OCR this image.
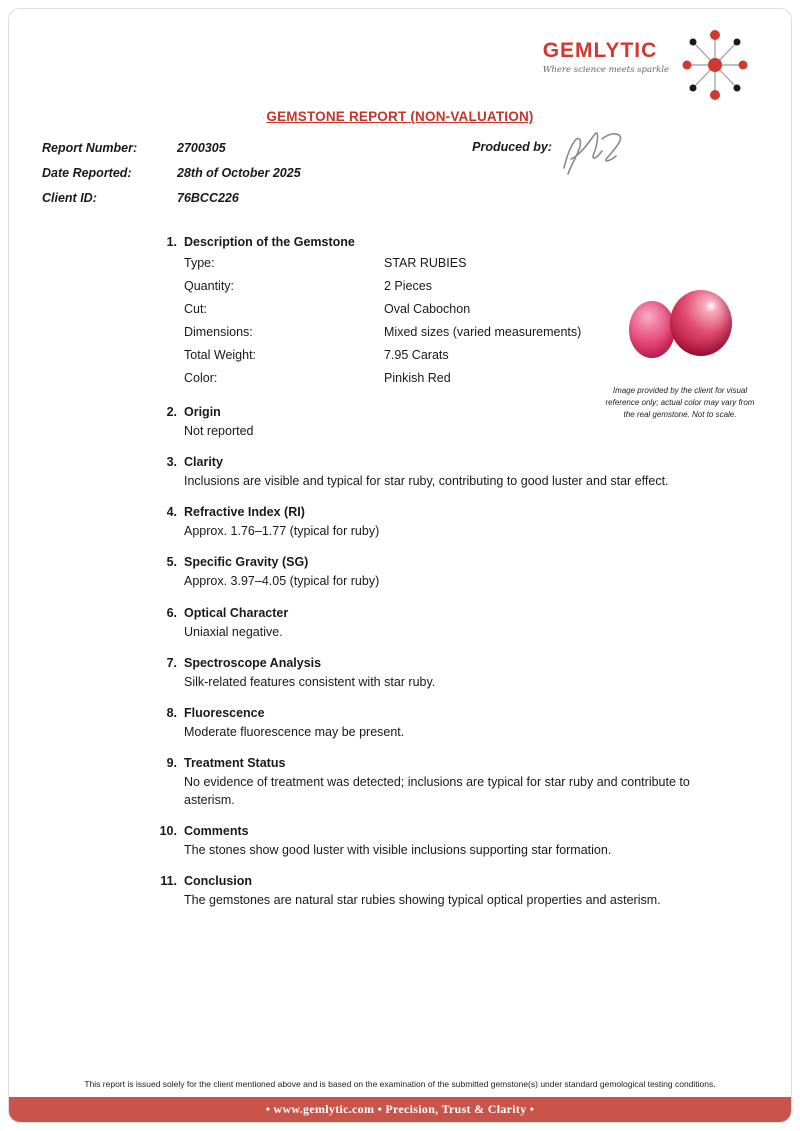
GEMLYTIC
Where science meets sparkle
GEMSTONE REPORT (NON-VALUATION)
Report Number:	2700305
Date Reported:	28th of October 2025
Client ID:	76BCC226
Produced by:
1. Description of the Gemstone
Type:	STAR RUBIES
Quantity:	2 Pieces
Cut:	Oval Cabochon
Dimensions:	Mixed sizes (varied measurements)
Total Weight:	7.95 Carats
Color:	Pinkish Red
2. Origin
Not reported
3. Clarity
Inclusions are visible and typical for star ruby, contributing to good luster and star effect.
4. Refractive Index (RI)
Approx. 1.76–1.77 (typical for ruby)
5. Specific Gravity (SG)
Approx. 3.97–4.05 (typical for ruby)
6. Optical Character
Uniaxial negative.
7. Spectroscope Analysis
Silk-related features consistent with star ruby.
8. Fluorescence
Moderate fluorescence may be present.
9. Treatment Status
No evidence of treatment was detected; inclusions are typical for star ruby and contribute to asterism.
10. Comments
The stones show good luster with visible inclusions supporting star formation.
11. Conclusion
The gemstones are natural star rubies showing typical optical properties and asterism.
Image provided by the client for visual reference only; actual color may vary from the real gemstone. Not to scale.
This report is issued solely for the client mentioned above and is based on the examination of the submitted gemstone(s) under standard gemological testing conditions.
• www.gemlytic.com • Precision, Trust & Clarity •
